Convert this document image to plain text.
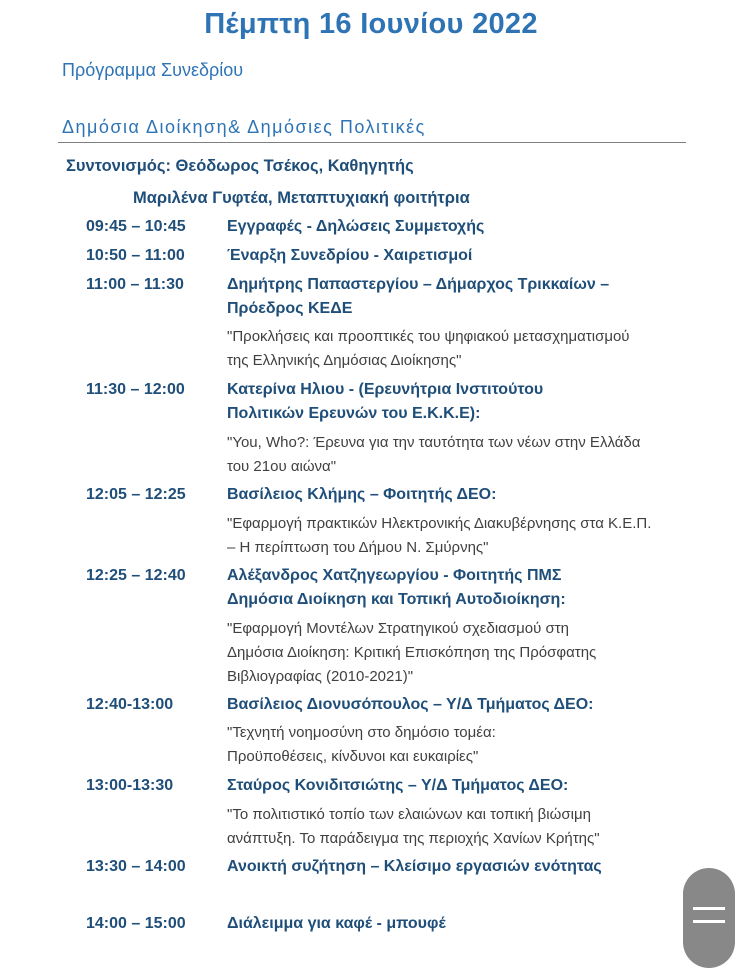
Πέμπτη 16 Ιουνίου 2022
Πρόγραμμα Συνεδρίου
Δημόσια Διοίκηση& Δημόσιες Πολιτικές
Συντονισμός: Θεόδωρος Τσέκος, Καθηγητής
Μαριλένα Γυφτέα, Μεταπτυχιακή φοιτήτρια
09:45 – 10:45	Εγγραφές - Δηλώσεις Συμμετοχής
10:50 – 11:00	Έναρξη Συνεδρίου - Χαιρετισμοί
11:00 – 11:30	Δημήτρης Παπαστεργίου – Δήμαρχος Τρικκαίων – Πρόεδρος ΚΕΔΕ
"Προκλήσεις και προοπτικές του ψηφιακού μετασχηματισμού της Ελληνικής Δημόσιας Διοίκησης"
11:30 – 12:00	Κατερίνα Ηλιου - (Ερευνήτρια Ινστιτούτου Πολιτικών Ερευνών του Ε.Κ.Κ.Ε):
"You, Who?: Έρευνα για την ταυτότητα των νέων στην Ελλάδα του 21ου αιώνα"
12:05 – 12:25	Βασίλειος Κλήμης – Φοιτητής ΔΕΟ:
"Εφαρμογή πρακτικών Ηλεκτρονικής Διακυβέρνησης στα Κ.Ε.Π. – Η περίπτωση του Δήμου Ν. Σμύρνης"
12:25 – 12:40	Αλέξανδρος Χατζηγεωργίου - Φοιτητής ΠΜΣ Δημόσια Διοίκηση και Τοπική Αυτοδιοίκηση:
"Εφαρμογή Μοντέλων Στρατηγικού σχεδιασμού στη Δημόσια Διοίκηση: Κριτική Επισκόπηση της Πρόσφατης Βιβλιογραφίας (2010-2021)"
12:40-13:00	Βασίλειος Διονυσόπουλος – Υ/Δ Τμήματος ΔΕΟ:
"Τεχνητή νοημοσύνη στο δημόσιο τομέα: Προϋποθέσεις, κίνδυνοι και ευκαιρίες"
13:00-13:30	Σταύρος Κονιδιτσιώτης – Υ/Δ Τμήματος ΔΕΟ:
"Το πολιτιστικό τοπίο των ελαιώνων και τοπική βιώσιμη ανάπτυξη. Το παράδειγμα της περιοχής Χανίων Κρήτης"
13:30 – 14:00	Ανοικτή συζήτηση – Κλείσιμο εργασιών ενότητας
14:00 – 15:00	Διάλειμμα για καφέ - μπουφέ
